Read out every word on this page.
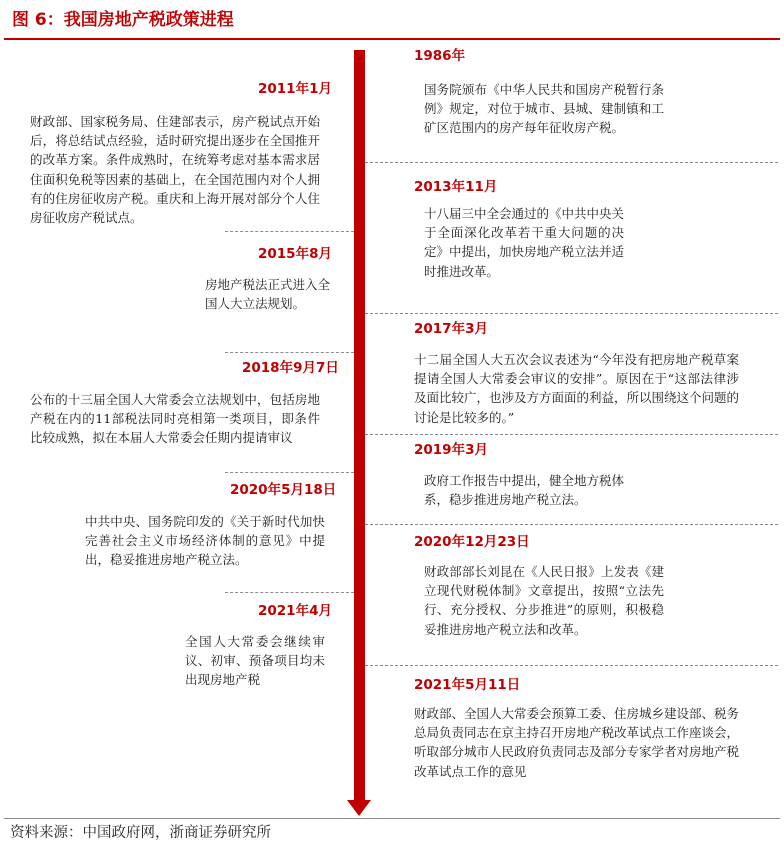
图 6：我国房地产税政策进程
1986年
国务院颁布《中华人民共和国房产税暂行条例》规定，对位于城市、县城、建制镇和工矿区范围内的房产每年征收房产税。
2013年11月
十八届三中全会通过的《中共中央关于全面深化改革若干重大问题的决定》中提出，加快房地产税立法并适时推进改革。
2017年3月
十二届全国人大五次会议表述为“今年没有把房地产税草案提请全国人大常委会审议的安排”。原因在于“这部法律涉及面比较广，也涉及方方面面的利益，所以围绕这个问题的讨论是比较多的。”
2019年3月
政府工作报告中提出，健全地方税体系，稳步推进房地产税立法。
2020年12月23日
财政部部长刘昆在《人民日报》上发表《建立现代财税体制》文章提出，按照“立法先行、充分授权、分步推进”的原则，积极稳妥推进房地产税立法和改革。
2021年5月11日
财政部、全国人大常委会预算工委、住房城乡建设部、税务总局负责同志在京主持召开房地产税改革试点工作座谈会，听取部分城市人民政府负责同志及部分专家学者对房地产税改革试点工作的意见
2011年1月
财政部、国家税务局、住建部表示，房产税试点开始后，将总结试点经验，适时研究提出逐步在全国推开的改革方案。条件成熟时，在统筹考虑对基本需求居住面积免税等因素的基础上，在全国范围内对个人拥有的住房征收房产税。重庆和上海开展对部分个人住房征收房产税试点。
2015年8月
房地产税法正式进入全国人大立法规划。
2018年9月7日
公布的十三届全国人大常委会立法规划中，包括房地产税在内的11部税法同时亮相第一类项目，即条件比较成熟，拟在本届人大常委会任期内提请审议
2020年5月18日
中共中央、国务院印发的《关于新时代加快完善社会主义市场经济体制的意见》中提出，稳妥推进房地产税立法。
2021年4月
全国人大常委会继续审议、初审、预备项目均未出现房地产税
资料来源：中国政府网，浙商证券研究所
